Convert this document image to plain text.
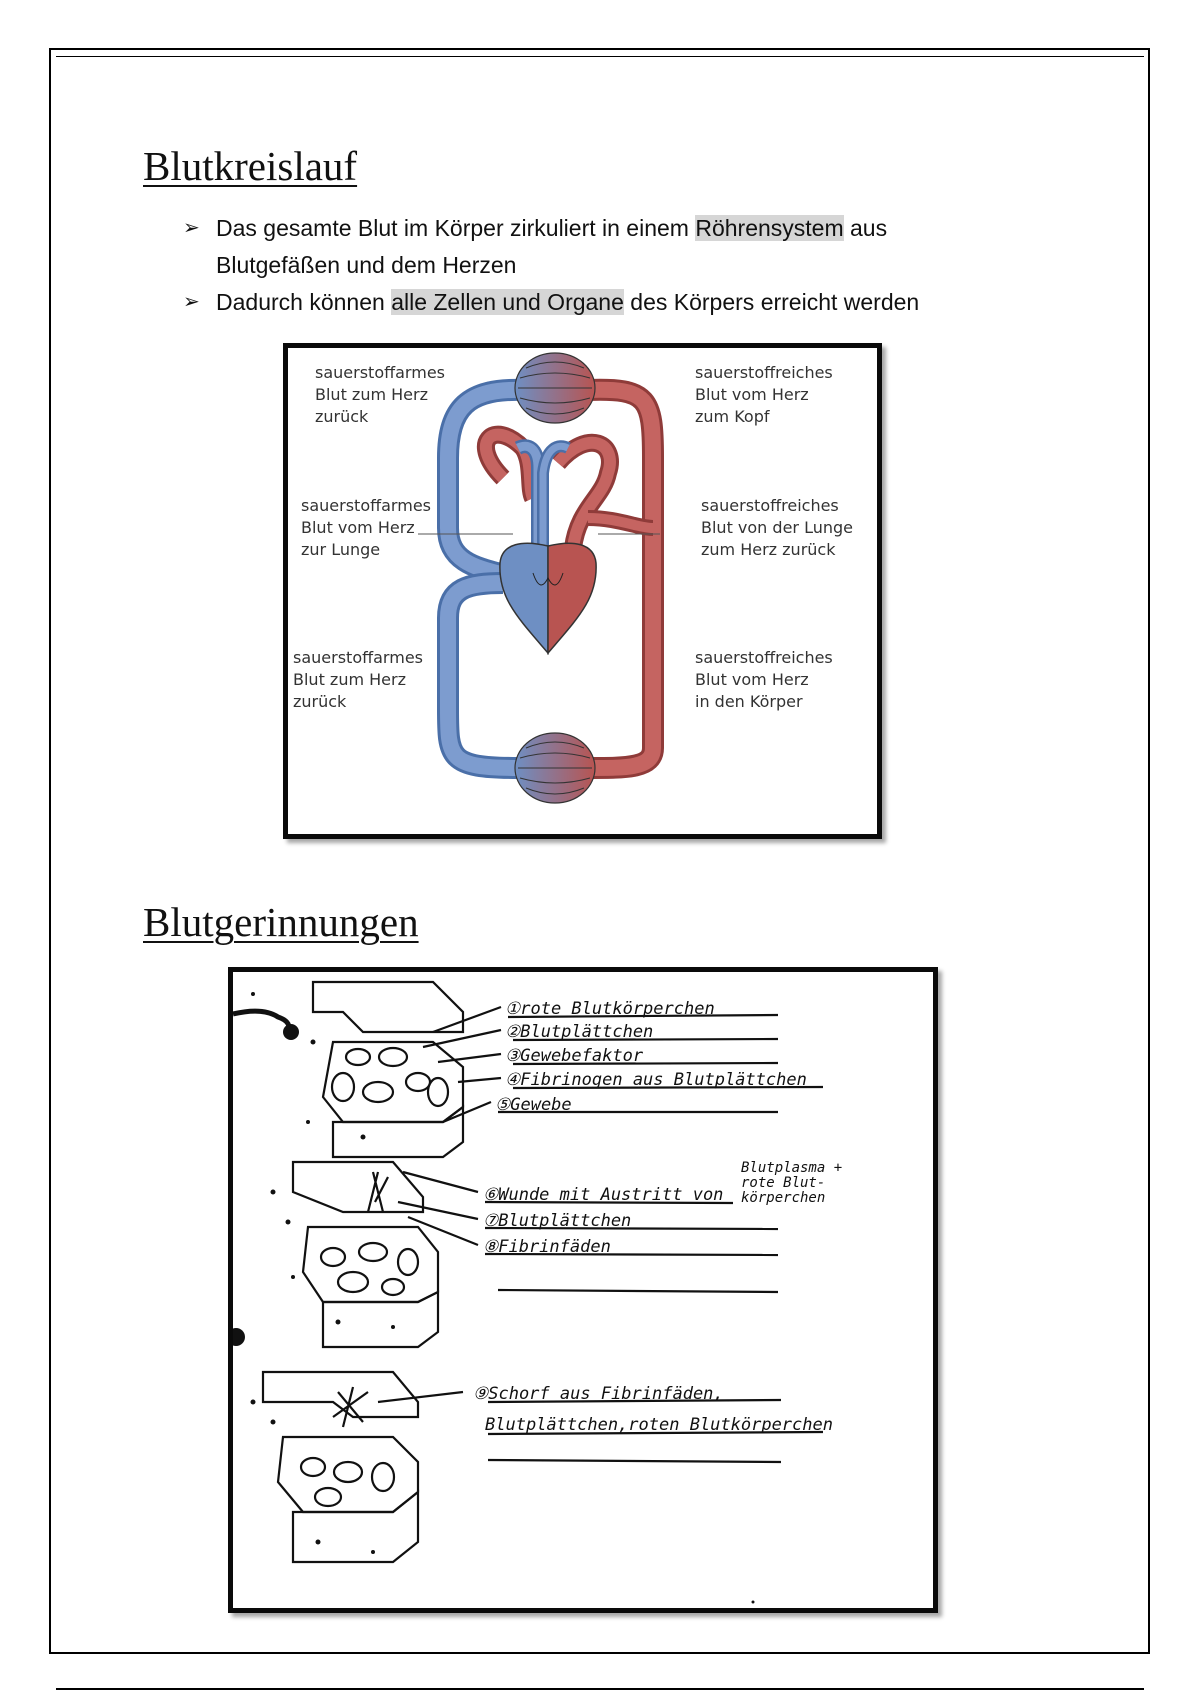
Blutkreislauf
➢ Das gesamte Blut im Körper zirkuliert in einem Röhrensystem aus
Blutgefäßen und dem Herzen
➢ Dadurch können alle Zellen und Organe des Körpers erreicht werden
sauerstoffarmes Blut zum Herz zurück
sauerstoffreiches Blut vom Herz zum Kopf
sauerstoffarmes Blut vom Herz zur Lunge
sauerstoffreiches Blut von der Lunge zum Herz zurück
sauerstoffarmes Blut zum Herz zurück
sauerstoffreiches Blut vom Herz in den Körper
Blutgerinnungen
①rote Blutkörperchen
②Blutplättchen
③Gewebefaktor
④Fibrinogen aus Blutplättchen
⑤Gewebe
⑥Wunde mit Austritt von
⑦Blutplättchen
⑧Fibrinfäden
Blutplasma + rote Blut-körperchen
⑨Schorf aus Fibrinfäden,
Blutplättchen,roten Blutkörperchen
